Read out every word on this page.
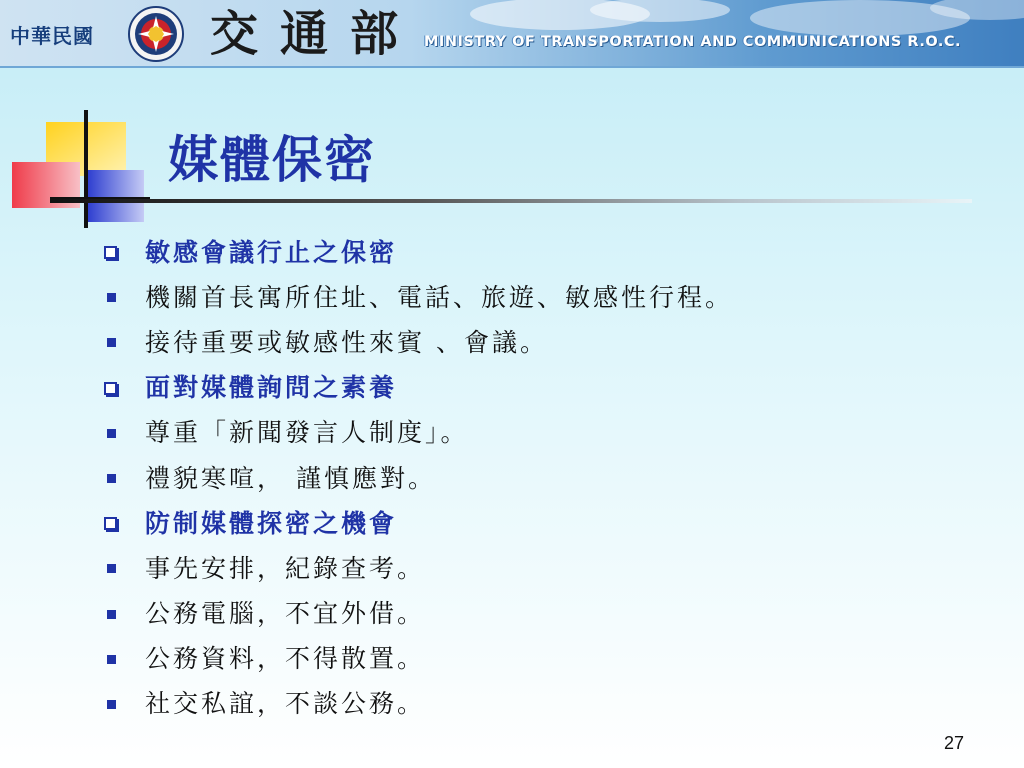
中華民國 交通部 MINISTRY OF TRANSPORTATION AND COMMUNICATIONS R.O.C.
媒體保密
敏感會議行止之保密
機關首長寓所住址、電話、旅遊、敏感性行程。
接待重要或敏感性來賓 、會議。
面對媒體詢問之素養
尊重「新聞發言人制度」。
禮貌寒喧， 謹慎應對。
防制媒體探密之機會
事先安排，紀錄查考。
公務電腦，不宜外借。
公務資料，不得散置。
社交私誼，不談公務。
27
